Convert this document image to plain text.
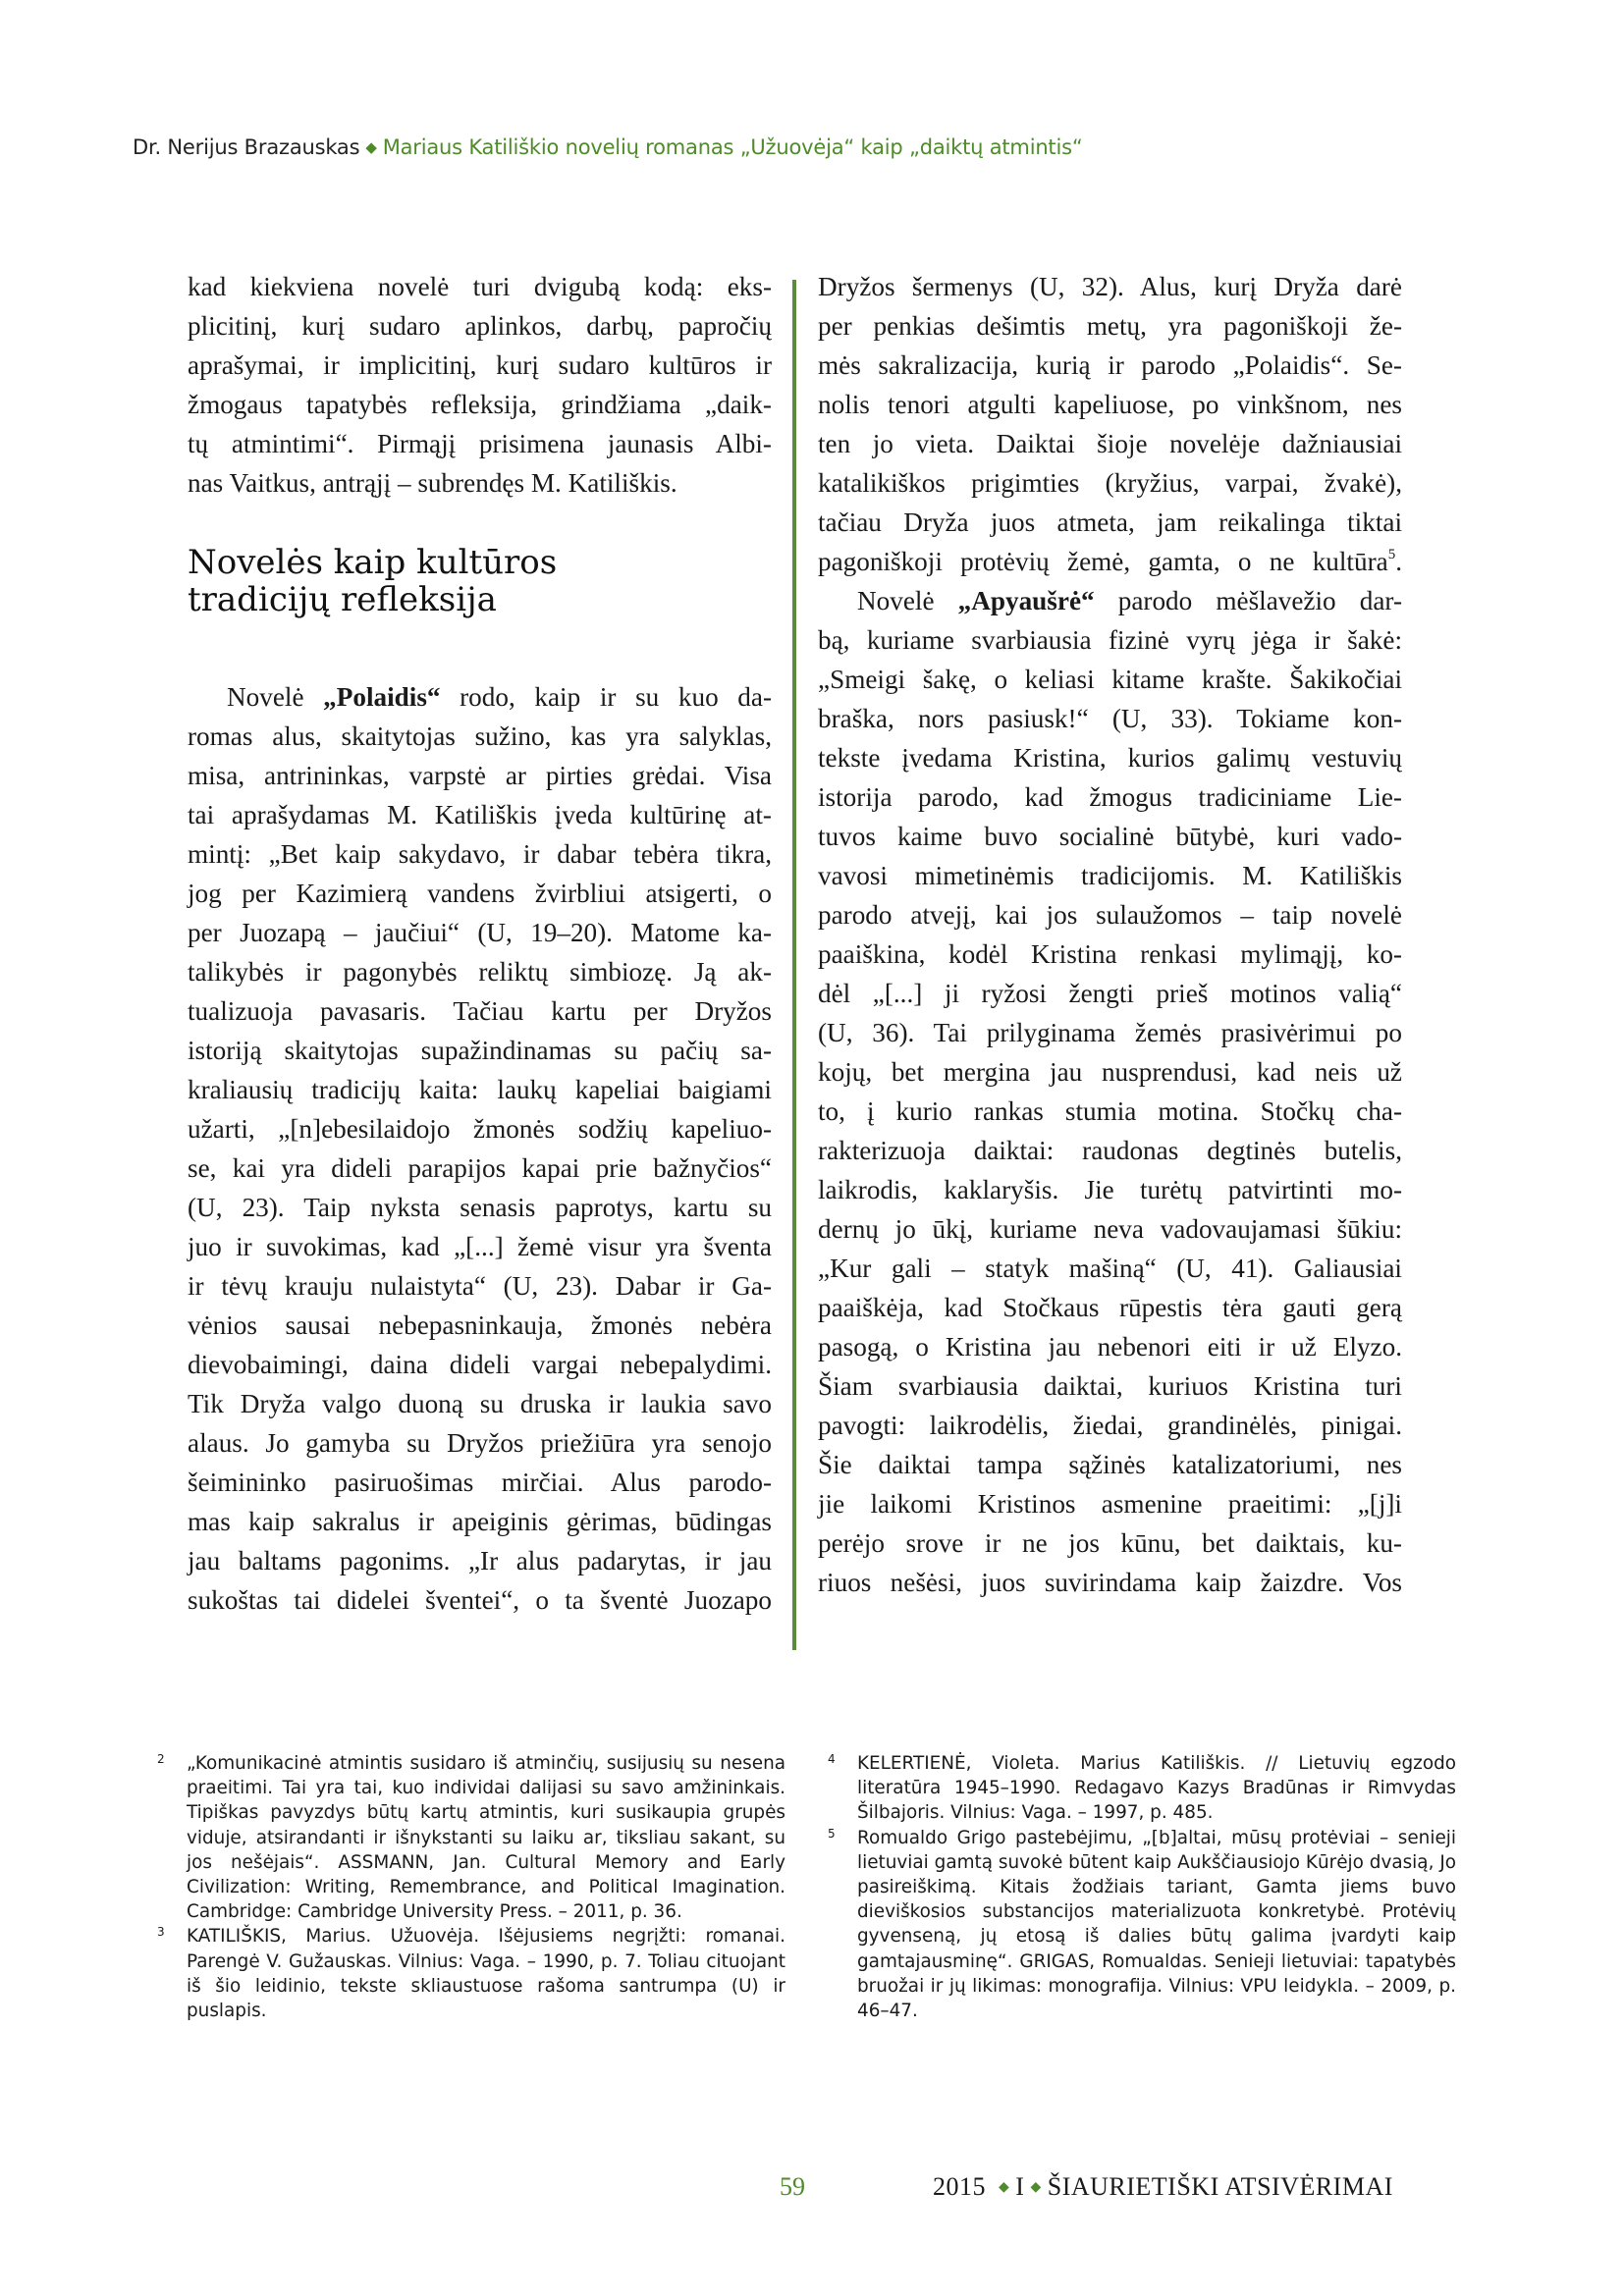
Dr. Nerijus Brazauskas ◆ Mariaus Katiliškio novelių romanas „Užuovėja“ kaip „daiktų atmintis“

kad kiekviena novelė turi dvigubą kodą: eks-
plicitinį, kurį sudaro aplinkos, darbų, papročių
aprašymai, ir implicitinį, kurį sudaro kultūros ir
žmogaus tapatybės refleksija, grindžiama „daik-
tų atmintimi“. Pirmąjį prisimena jaunasis Albi-
nas Vaitkus, antrąjį – subrendęs M. Katiliškis.

Novelės kaip kultūros
tradicijų refleksija

Novelė „Polaidis“ rodo, kaip ir su kuo da-
romas alus, skaitytojas sužino, kas yra salyklas,
misa, antrininkas, varpstė ar pirties grėdai. Visa
tai aprašydamas M. Katiliškis įveda kultūrinę at-
mintį: „Bet kaip sakydavo, ir dabar tebėra tikra,
jog per Kazimierą vandens žvirbliui atsigerti, o
per Juozapą – jaučiui“ (U, 19–20). Matome ka-
talikybės ir pagonybės reliktų simbiozę. Ją ak-
tualizuoja pavasaris. Tačiau kartu per Dryžos
istoriją skaitytojas supažindinamas su pačių sa-
kraliausių tradicijų kaita: laukų kapeliai baigiami
užarti, „[n]ebesilaidojo žmonės sodžių kapeliuo-
se, kai yra dideli parapijos kapai prie bažnyčios“
(U, 23). Taip nyksta senasis paprotys, kartu su
juo ir suvokimas, kad „[...] žemė visur yra šventa
ir tėvų krauju nulaistyta“ (U, 23). Dabar ir Ga-
vėnios sausai nebepasninkauja, žmonės nebėra
dievobaimingi, daina dideli vargai nebepalydimi.
Tik Dryža valgo duoną su druska ir laukia savo
alaus. Jo gamyba su Dryžos priežiūra yra senojo
šeimininko pasiruošimas mirčiai. Alus parodo-
mas kaip sakralus ir apeiginis gėrimas, būdingas
jau baltams pagonims. „Ir alus padarytas, ir jau
sukoštas tai didelei šventei“, o ta šventė Juozapo

Dryžos šermenys (U, 32). Alus, kurį Dryža darė
per penkias dešimtis metų, yra pagoniškoji že-
mės sakralizacija, kurią ir parodo „Polaidis“. Se-
nolis tenori atgulti kapeliuose, po vinkšnom, nes
ten jo vieta. Daiktai šioje novelėje dažniausiai
katalikiškos prigimties (kryžius, varpai, žvakė),
tačiau Dryža juos atmeta, jam reikalinga tiktai
pagoniškoji protėvių žemė, gamta, o ne kultūra$^5$.

Novelė „Apyaušrė“ parodo mėšlavežio dar-
bą, kuriame svarbiausia fizinė vyrų jėga ir šakė:
„Smeigi šakę, o keliasi kitame krašte. Šakikočiai
braška, nors pasiusk!“ (U, 33). Tokiame kon-
tekste įvedama Kristina, kurios galimų vestuvių
istorija parodo, kad žmogus tradiciniame Lie-
tuvos kaime buvo socialinė būtybė, kuri vado-
vavosi mimetinėmis tradicijomis. M. Katiliškis
parodo atvejį, kai jos sulaužomos – taip novelė
paaiškina, kodėl Kristina renkasi mylimąjį, ko-
dėl „[...] ji ryžosi žengti prieš motinos valią“
(U, 36). Tai prilyginama žemės prasivėrimui po
kojų, bet mergina jau nusprendusi, kad neis už
to, į kurio rankas stumia motina. Stočkų cha-
rakterizuoja daiktai: raudonas degtinės butelis,
laikrodis, kaklaryšis. Jie turėtų patvirtinti mo-
dernų jo ūkį, kuriame neva vadovaujamasi šūkiu:
„Kur gali – statyk mašiną“ (U, 41). Galiausiai
paaiškėja, kad Stočkaus rūpestis tėra gauti gerą
pasogą, o Kristina jau nebenori eiti ir už Elyzo.
Šiam svarbiausia daiktai, kuriuos Kristina turi
pavogti: laikrodėlis, žiedai, grandinėlės, pinigai.
Šie daiktai tampa sąžinės katalizatoriumi, nes
jie laikomi Kristinos asmenine praeitimi: „[j]i
perėjo srove ir ne jos kūnu, bet daiktais, ku-
riuos nešėsi, juos suvirindama kaip žaizdre. Vos

2 „Komunikacinė atmintis susidaro iš atminčių, susijusių su nesena praeitimi. Tai yra tai, kuo individai dalijasi su savo amžininkais. Tipiškas pavyzdys būtų kartų atmintis, kuri susikaupia grupės viduje, atsirandanti ir išnykstanti su laiku ar, tiksliau sakant, su jos nešėjais“. ASSMANN, Jan. Cultural Memory and Early Civilization: Writing, Remembrance, and Political Imagination. Cambridge: Cambridge University Press. – 2011, p. 36.

3 KATILIŠKIS, Marius. Užuovėja. Išėjusiems negrįžti: romanai. Parengė V. Gužauskas. Vilnius: Vaga. – 1990, p. 7. Toliau cituojant iš šio leidinio, tekste skliaustuose rašoma santrumpa (U) ir puslapis.

4 KELERTIENĖ, Violeta. Marius Katiliškis. // Lietuvių egzodo literatūra 1945–1990. Redagavo Kazys Bradūnas ir Rimvydas Šilbajoris. Vilnius: Vaga. – 1997, p. 485.

5 Romualdo Grigo pastebėjimu, „[b]altai, mūsų protėviai – senieji lietuviai gamtą suvokė būtent kaip Aukščiausiojo Kūrėjo dvasią, Jo pasireiškimą. Kitais žodžiais tariant, Gamta jiems buvo dieviškosios substancijos materializuota konkretybė. Protėvių gyvenseną, jų etosą iš dalies būtų galima įvardyti kaip gamtajausminę“. GRIGAS, Romualdas. Senieji lietuviai: tapatybės bruožai ir jų likimas: monografija. Vilnius: VPU leidykla. – 2009, p. 46–47.

59	2015 ◆ I ◆ ŠIAURIETIŠKI ATSIVĖRIMAI
